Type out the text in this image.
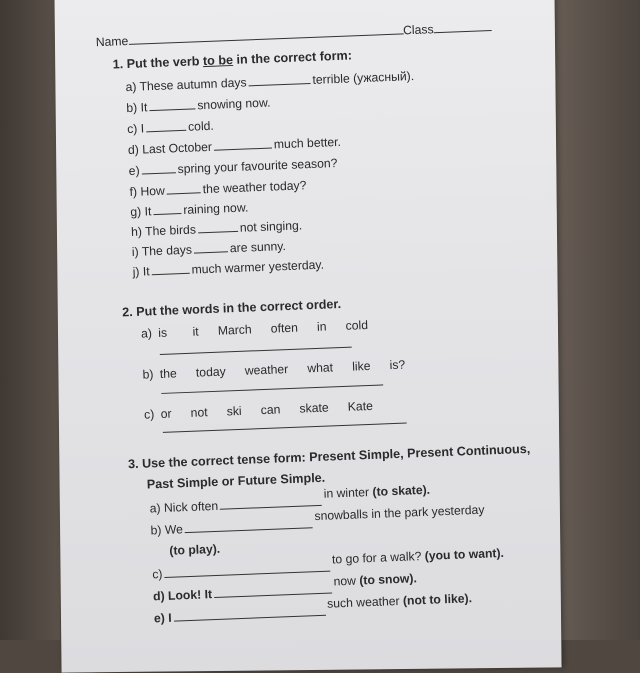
NameClass
1. Put the verb to be in the correct form:
a) These autumn days	terrible (ужасный).
b) It	snowing now.
c) I	cold.
d) Last October	much better.
e)	spring your favourite season?
f) How	the weather today?
g) It	raining now.
h) The birds	not singing.
i) The days	are sunny.
j) It	much warmer yesterday.
2. Put the words in the correct order.
a) is    it   March   often   in   cold
b) the   today   weather   what   like   is?
c) or   not   ski   can   skate   Kate
3. Use the correct tense form: Present Simple, Present Continuous,
Past Simple or Future Simple.
a) Nick oftenin winter (to skate).
b) Wesnowballs in the park yesterday
(to play).
c)to go for a walk? (you to want).
d) Look! Itnow (to snow).
e) Isuch weather (not to like).
